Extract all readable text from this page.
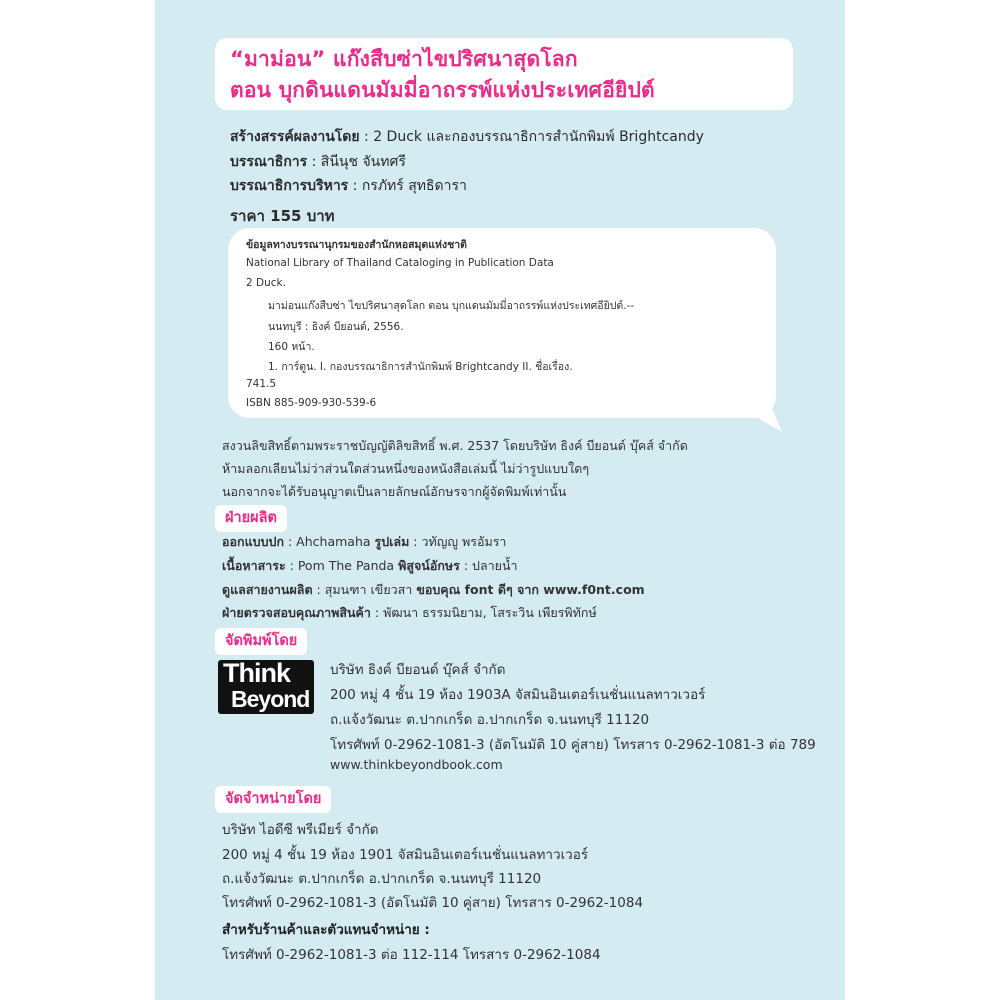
“มาม่อน” แก๊งสืบซ่าไขปริศนาสุดโลก
ตอน บุกดินแดนมัมมี่อาถรรพ์แห่งประเทศอียิปต์
สร้างสรรค์ผลงานโดย : 2 Duck และกองบรรณาธิการสำนักพิมพ์ Brightcandy
บรรณาธิการ : สินีนุช จันทศรี
บรรณาธิการบริหาร : กรภัทร์ สุทธิดารา
ราคา 155 บาท
ข้อมูลทางบรรณานุกรมของสำนักหอสมุดแห่งชาติ
National Library of Thailand Cataloging in Publication Data
2 Duck.
มาม่อนแก๊งสืบซ่า ไขปริศนาสุดโลก ตอน บุกแดนมัมมี่อาถรรพ์แห่งประเทศอียิปต์.--
นนทบุรี : ธิงค์ บียอนด์, 2556.
160 หน้า.
1. การ์ตูน. I. กองบรรณาธิการสำนักพิมพ์ Brightcandy II. ชื่อเรื่อง.
741.5
ISBN 885-909-930-539-6
สงวนลิขสิทธิ์ตามพระราชบัญญัติลิขสิทธิ์ พ.ศ. 2537 โดยบริษัท ธิงค์ บียอนด์ บุ๊คส์ จำกัด
ห้ามลอกเลียนไม่ว่าส่วนใดส่วนหนึ่งของหนังสือเล่มนี้ ไม่ว่ารูปแบบใดๆ
นอกจากจะได้รับอนุญาตเป็นลายลักษณ์อักษรจากผู้จัดพิมพ์เท่านั้น
ฝ่ายผลิต
ออกแบบปก : Ahchamaha รูปเล่ม : วทัญญู พรอัมรา
เนื้อหาสาระ : Pom The Panda พิสูจน์อักษร : ปลายน้ำ
ดูแลสายงานผลิต : สุมนฑา เขียวสา ขอบคุณ font ดีๆ จาก www.f0nt.com
ฝ่ายตรวจสอบคุณภาพสินค้า : พัฒนา ธรรมนิยาม, โสระวิน เพียรพิทักษ์
จัดพิมพ์โดย
Think
Beyond
บริษัท ธิงค์ บียอนด์ บุ๊คส์ จำกัด
200 หมู่ 4 ชั้น 19 ห้อง 1903A จัสมินอินเตอร์เนชั่นแนลทาวเวอร์
ถ.แจ้งวัฒนะ ต.ปากเกร็ด อ.ปากเกร็ด จ.นนทบุรี 11120
โทรศัพท์ 0-2962-1081-3 (อัตโนมัติ 10 คู่สาย) โทรสาร 0-2962-1081-3 ต่อ 789
www.thinkbeyondbook.com
จัดจำหน่ายโดย
บริษัท ไอดีซี พรีเมียร์ จำกัด
200 หมู่ 4 ชั้น 19 ห้อง 1901 จัสมินอินเตอร์เนชั่นแนลทาวเวอร์
ถ.แจ้งวัฒนะ ต.ปากเกร็ด อ.ปากเกร็ด จ.นนทบุรี 11120
โทรศัพท์ 0-2962-1081-3 (อัตโนมัติ 10 คู่สาย) โทรสาร 0-2962-1084
สำหรับร้านค้าและตัวแทนจำหน่าย :
โทรศัพท์ 0-2962-1081-3 ต่อ 112-114 โทรสาร 0-2962-1084
